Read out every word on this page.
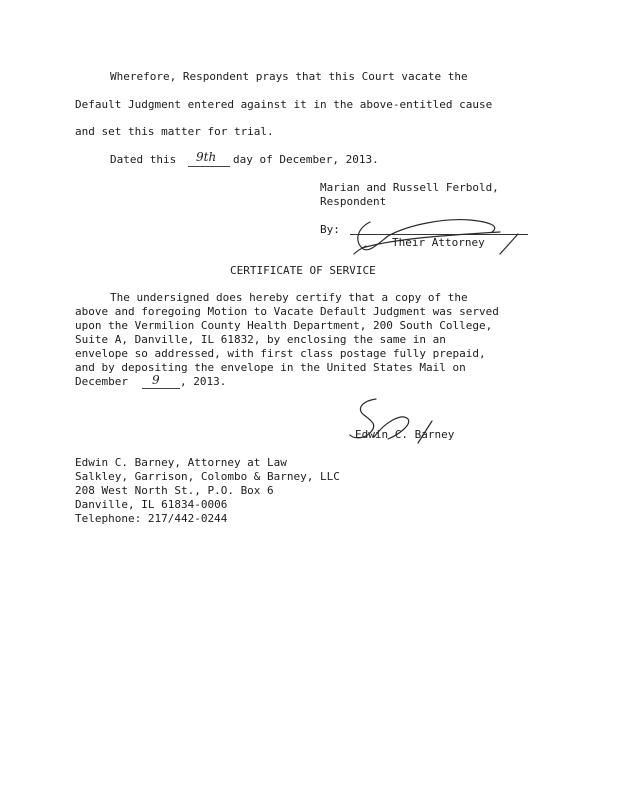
Wherefore, Respondent prays that this Court vacate the
Default Judgment entered against it in the above-entitled cause
and set this matter for trial.
Dated this 9th day of December, 2013.
Marian and Russell Ferbold,
Respondent
By:
Their Attorney
CERTIFICATE OF SERVICE
The undersigned does hereby certify that a copy of the
above and foregoing Motion to Vacate Default Judgment was served
upon the Vermilion County Health Department, 200 South College,
Suite A, Danville, IL 61832, by enclosing the same in an
envelope so addressed, with first class postage fully prepaid,
and by depositing the envelope in the United States Mail on
December 9 , 2013.
Edwin C. Barney
Edwin C. Barney, Attorney at Law
Salkley, Garrison, Colombo & Barney, LLC
208 West North St., P.O. Box 6
Danville, IL 61834-0006
Telephone: 217/442-0244
